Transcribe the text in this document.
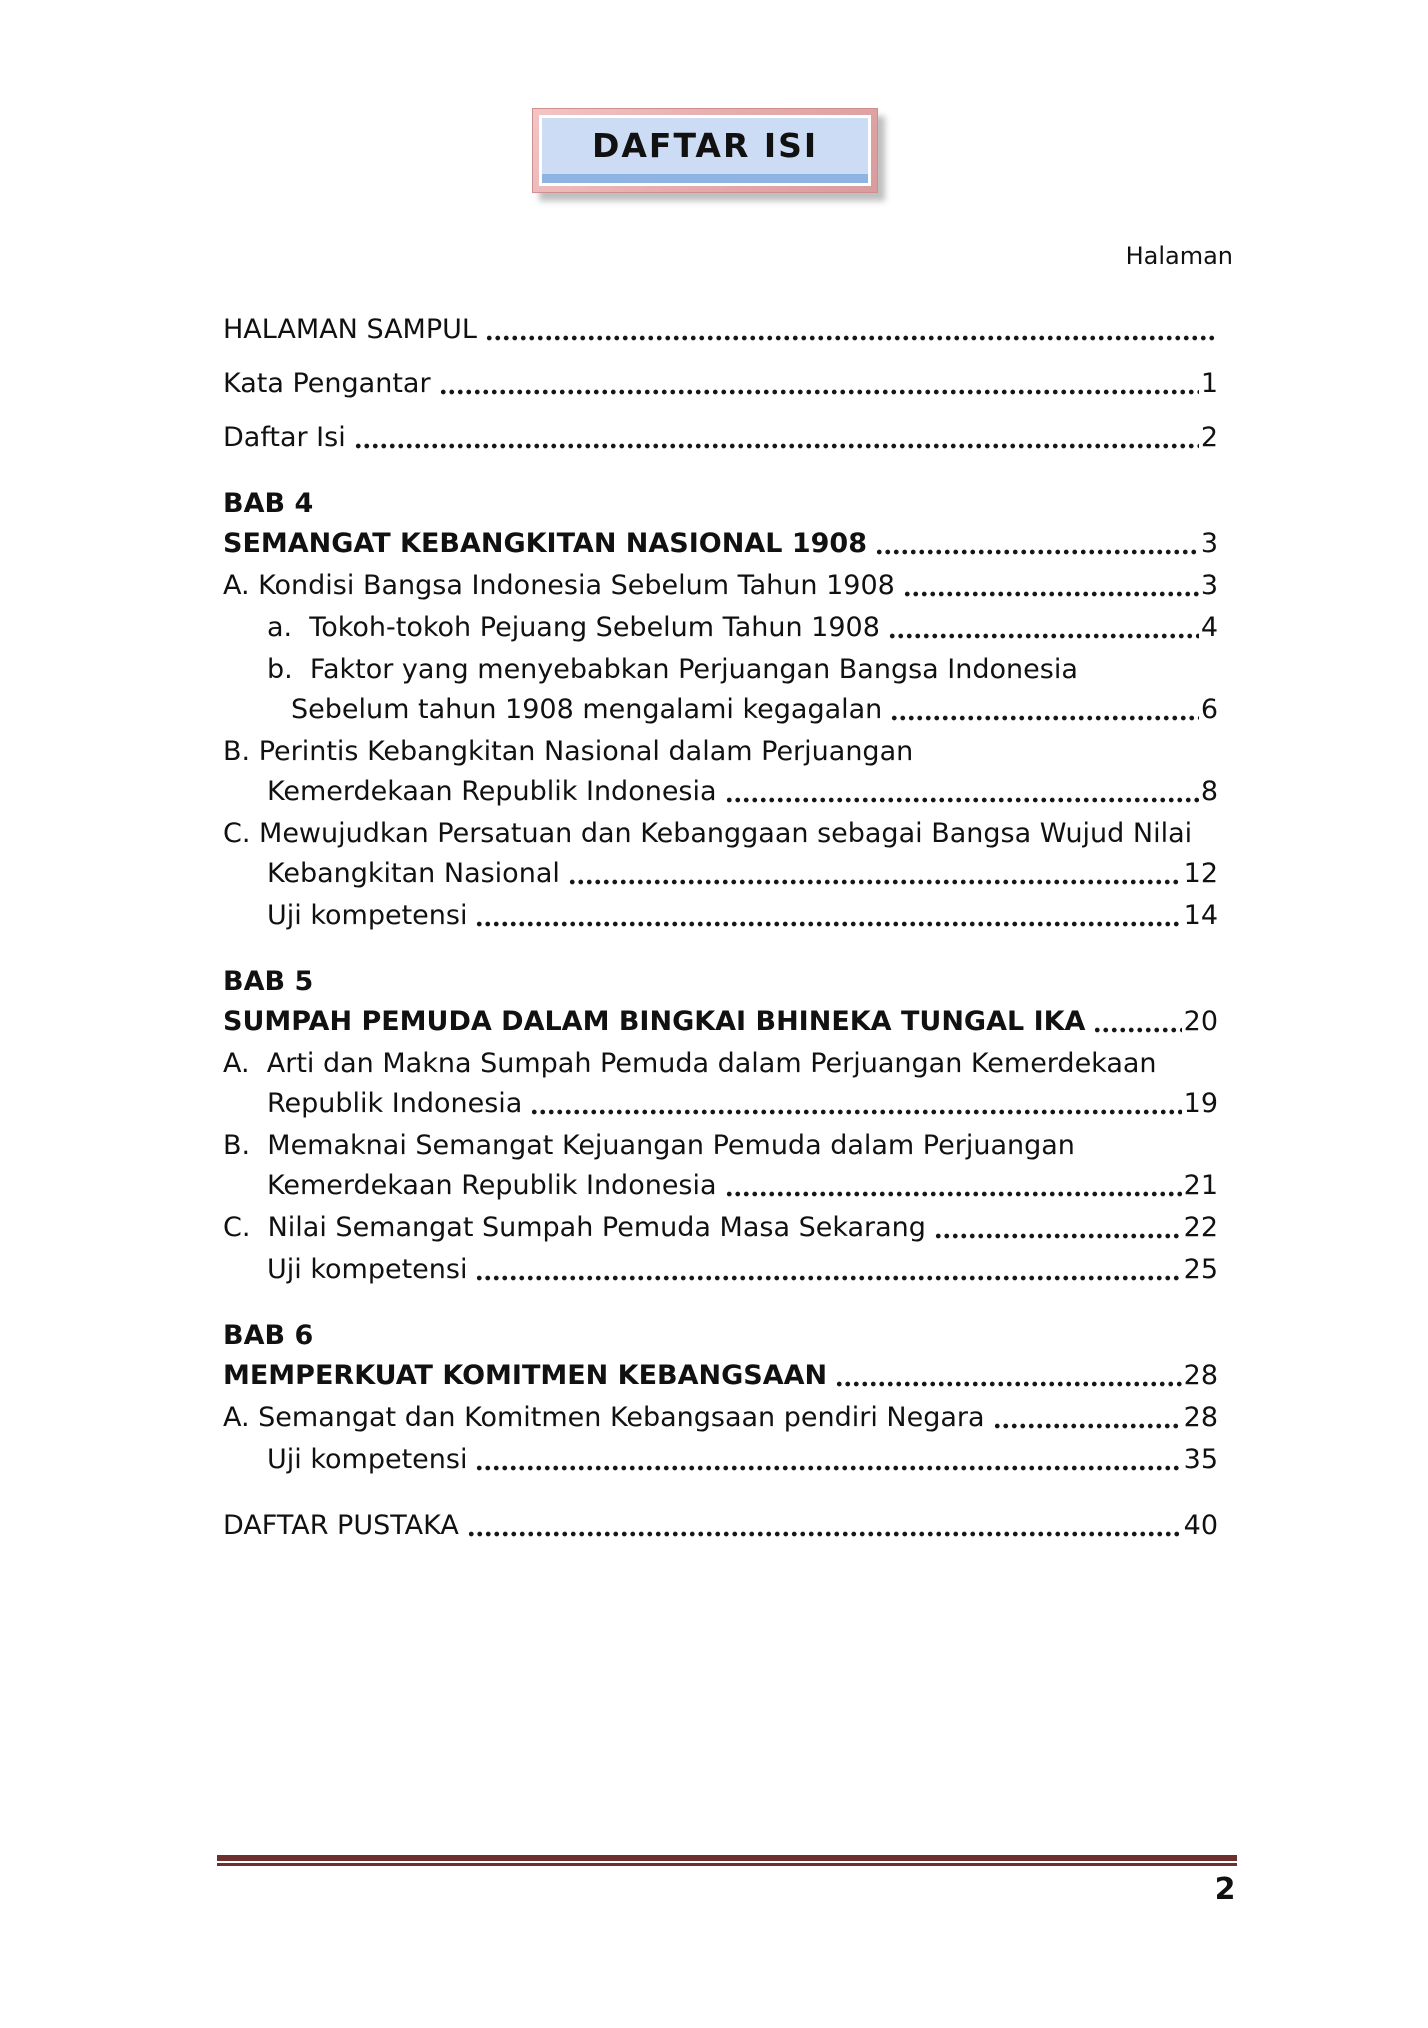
DAFTAR ISI
Halaman
HALAMAN SAMPUL
Kata Pengantar	1
Daftar Isi	2
BAB 4
SEMANGAT KEBANGKITAN NASIONAL 1908	3
A. Kondisi Bangsa Indonesia Sebelum Tahun 1908	3
a.  Tokoh-tokoh Pejuang Sebelum Tahun 1908	4
b.  Faktor yang menyebabkan Perjuangan Bangsa Indonesia
Sebelum tahun 1908 mengalami kegagalan	6
B. Perintis Kebangkitan Nasional dalam Perjuangan
Kemerdekaan Republik Indonesia	8
C. Mewujudkan Persatuan dan Kebanggaan sebagai Bangsa Wujud Nilai
Kebangkitan Nasional	12
Uji kompetensi	14
BAB 5
SUMPAH PEMUDA DALAM BINGKAI BHINEKA TUNGAL IKA	20
A.  Arti dan Makna Sumpah Pemuda dalam Perjuangan Kemerdekaan
Republik Indonesia	19
B.  Memaknai Semangat Kejuangan Pemuda dalam Perjuangan
Kemerdekaan Republik Indonesia	21
C.  Nilai Semangat Sumpah Pemuda Masa Sekarang	22
Uji kompetensi	25
BAB 6
MEMPERKUAT KOMITMEN KEBANGSAAN	28
A. Semangat dan Komitmen Kebangsaan pendiri Negara	28
Uji kompetensi	35
DAFTAR PUSTAKA	40
2
